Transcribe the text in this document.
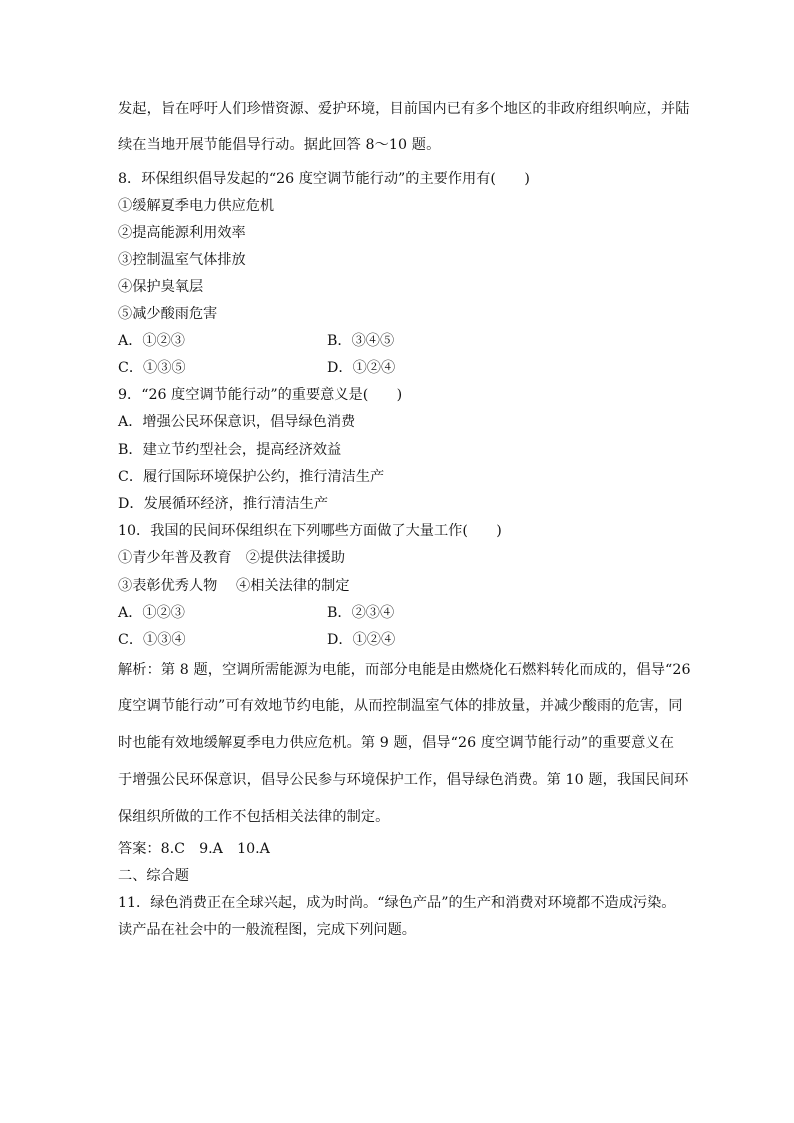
发起，旨在呼吁人们珍惜资源、爱护环境，目前国内已有多个地区的非政府组织响应，并陆
续在当地开展节能倡导行动。据此回答 8～10 题。
8．环保组织倡导发起的“26 度空调节能行动”的主要作用有(　　)
①缓解夏季电力供应危机
②提高能源利用效率
③控制温室气体排放
④保护臭氧层
⑤减少酸雨危害
A．①②③	B．③④⑤
C．①③⑤	D．①②④
9．“26 度空调节能行动”的重要意义是(　　)
A．增强公民环保意识，倡导绿色消费
B．建立节约型社会，提高经济效益
C．履行国际环境保护公约，推行清洁生产
D．发展循环经济，推行清洁生产
10．我国的民间环保组织在下列哪些方面做了大量工作(　　)
①青少年普及教育　②提供法律援助
③表彰优秀人物　 ④相关法律的制定
A．①②③	B．②③④
C．①③④	D．①②④
解析：第 8 题，空调所需能源为电能，而部分电能是由燃烧化石燃料转化而成的，倡导“26
度空调节能行动”可有效地节约电能，从而控制温室气体的排放量，并减少酸雨的危害，同
时也能有效地缓解夏季电力供应危机。第 9 题，倡导“26 度空调节能行动”的重要意义在
于增强公民环保意识，倡导公民参与环境保护工作，倡导绿色消费。第 10 题，我国民间环
保组织所做的工作不包括相关法律的制定。
答案：8.C　9.A　10.A
二、综合题
11．绿色消费正在全球兴起，成为时尚。“绿色产品”的生产和消费对环境都不造成污染。
读产品在社会中的一般流程图，完成下列问题。
